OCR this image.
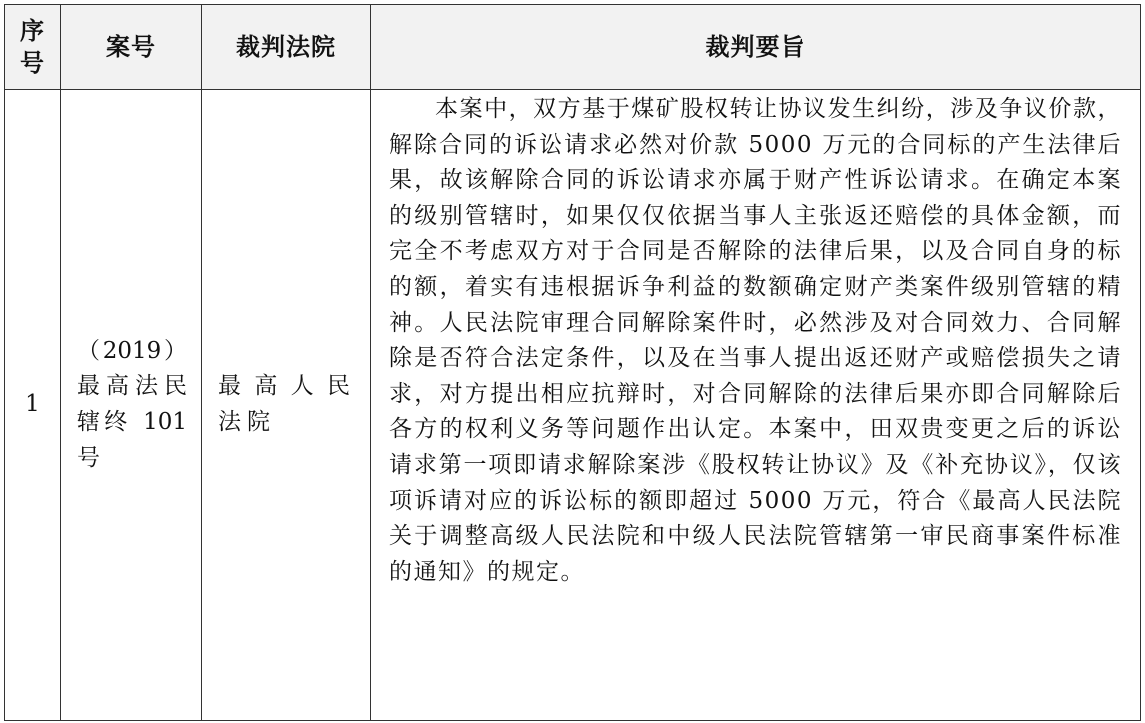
序号	案号	裁判法院	裁判要旨
1	（2019）最高法民辖终 101 号	最高人民法院	本案中，双方基于煤矿股权转让协议发生纠纷，涉及争议价款，解除合同的诉讼请求必然对价款 5000 万元的合同标的产生法律后果，故该解除合同的诉讼请求亦属于财产性诉讼请求。在确定本案的级别管辖时，如果仅仅依据当事人主张返还赔偿的具体金额，而完全不考虑双方对于合同是否解除的法律后果，以及合同自身的标的额，着实有违根据诉争利益的数额确定财产类案件级别管辖的精神。人民法院审理合同解除案件时，必然涉及对合同效力、合同解除是否符合法定条件，以及在当事人提出返还财产或赔偿损失之请求，对方提出相应抗辩时，对合同解除的法律后果亦即合同解除后各方的权利义务等问题作出认定。本案中，田双贵变更之后的诉讼请求第一项即请求解除案涉《股权转让协议》及《补充协议》，仅该项诉请对应的诉讼标的额即超过 5000 万元，符合《最高人民法院关于调整高级人民法院和中级人民法院管辖第一审民商事案件标准的通知》的规定。
